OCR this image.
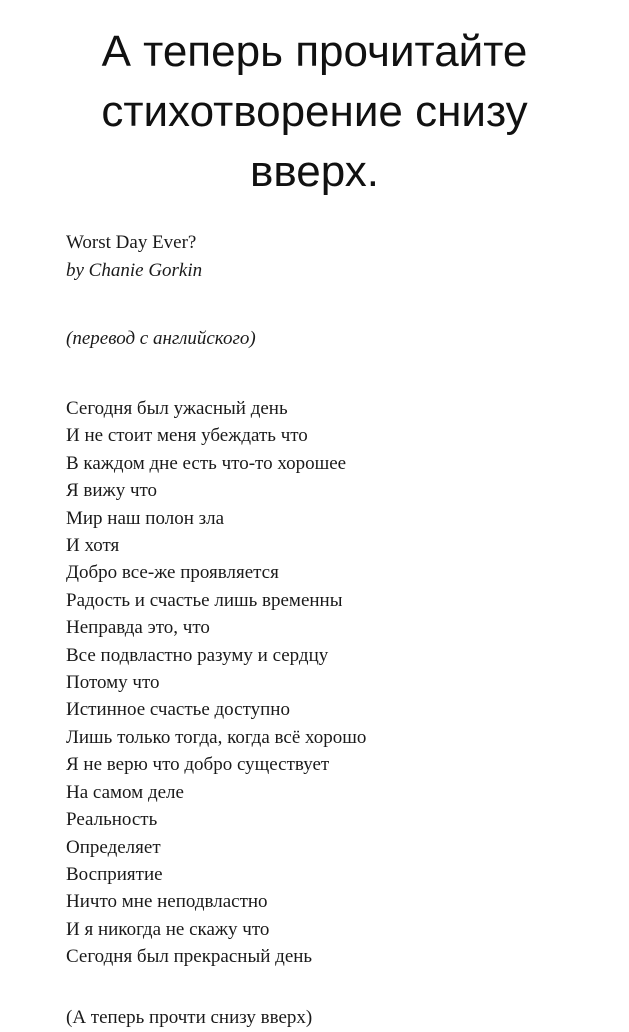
А теперь прочитайте
стихотворение снизу
вверх.
Worst Day Ever?
by Chanie Gorkin
(перевод с английского)
Сегодня был ужасный день
И не стоит меня убеждать что
В каждом дне есть что-то хорошее
Я вижу что
Мир наш полон зла
И хотя
Добро все-же проявляется
Радость и счастье лишь временны
Неправда это, что
Все подвластно разуму и сердцу
Потому что
Истинное счастье доступно
Лишь только тогда, когда всё хорошо
Я не верю что добро существует
На самом деле
Реальность
Определяет
Восприятие
Ничто мне неподвластно
И я никогда не скажу что
Сегодня был прекрасный день
(А теперь прочти снизу вверх)
